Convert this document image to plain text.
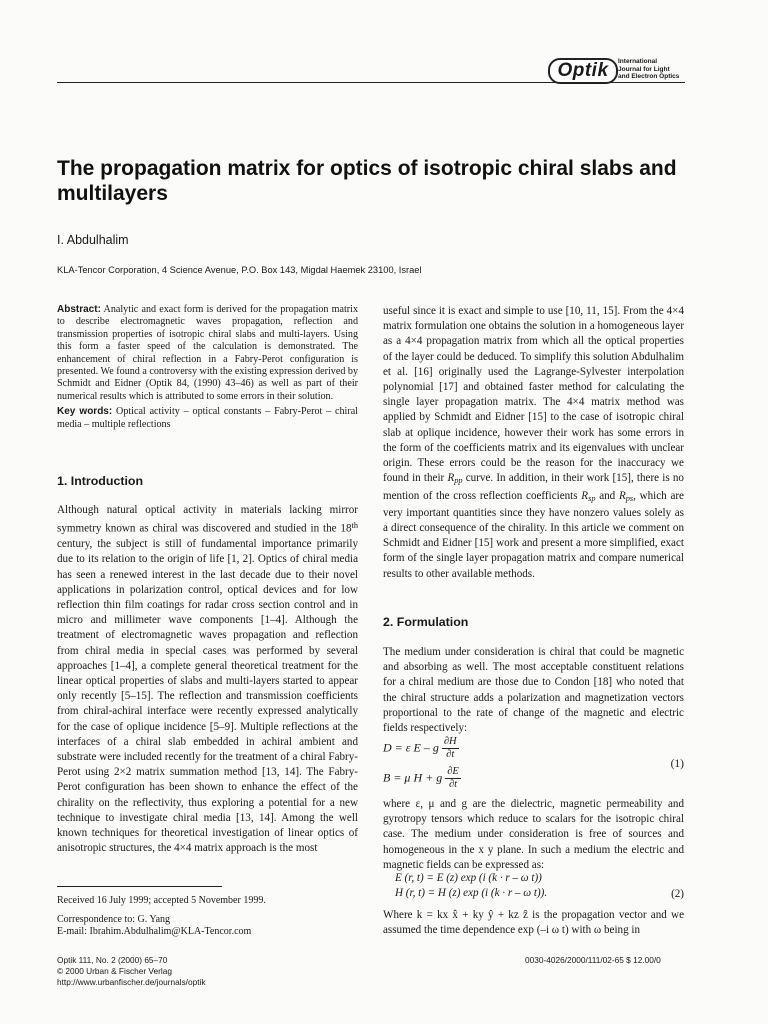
Optik	International
Journal for Light
and Electron Optics
The propagation matrix for optics of isotropic chiral slabs and multilayers
I. Abdulhalim
KLA-Tencor Corporation, 4 Science Avenue, P.O. Box 143, Migdal Haemek 23100, Israel

Abstract: Analytic and exact form is derived for the propagation matrix to describe electromagnetic waves propagation, reflection and transmission properties of isotropic chiral slabs and multi-layers. Using this form a faster speed of the calculation is demonstrated. The enhancement of chiral reflection in a Fabry-Perot configuration is presented. We found a controversy with the existing expression derived by Schmidt and Eidner (Optik 84, (1990) 43–46) as well as part of their numerical results which is attributed to some errors in their solution.

Key words: Optical activity – optical constants – Fabry-Perot – chiral media – multiple reflections

1. Introduction
Although natural optical activity in materials lacking mirror symmetry known as chiral was discovered and studied in the 18th century, the subject is still of fundamental importance primarily due to its relation to the origin of life [1, 2]. Optics of chiral media has seen a renewed interest in the last decade due to their novel applications in polarization control, optical devices and for low reflection thin film coatings for radar cross section control and in micro and millimeter wave components [1–4]. Although the treatment of electromagnetic waves propagation and reflection from chiral media in special cases was performed by several approaches [1–4], a complete general theoretical treatment for the linear optical properties of slabs and multi-layers started to appear only recently [5–15]. The reflection and transmission coefficients from chiral-achiral interface were recently expressed analytically for the case of oplique incidence [5–9]. Multiple reflections at the interfaces of a chiral slab embedded in achiral ambient and substrate were included recently for the treatment of a chiral Fabry-Perot using 2×2 matrix summation method [13, 14]. The Fabry-Perot configuration has been shown to enhance the effect of the chirality on the reflectivity, thus exploring a potential for a new technique to investigate chiral media [13, 14]. Among the well known techniques for theoretical investigation of linear optics of anisotropic structures, the 4×4 matrix approach is the most

Received 16 July 1999; accepted 5 November 1999.

Correspondence to: G. Yang

E-mail: Ibrahim.Abdulhalim@KLA-Tencor.com

useful since it is exact and simple to use [10, 11, 15]. From the 4×4 matrix formulation one obtains the solution in a homogeneous layer as a 4×4 propagation matrix from which all the optical properties of the layer could be deduced. To simplify this solution Abdulhalim et al. [16] originally used the Lagrange-Sylvester interpolation polynomial [17] and obtained faster method for calculating the single layer propagation matrix. The 4×4 matrix method was applied by Schmidt and Eidner [15] to the case of isotropic chiral slab at oplique incidence, however their work has some errors in the form of the coefficients matrix and its eigenvalues with unclear origin. These errors could be the reason for the inaccuracy we found in their $R_{pp}$ curve. In addition, in their work [15], there is no mention of the cross reflection coefficients $R_{sp}$ and $R_{ps}$, which are very important quantities since they have nonzero values solely as a direct consequence of the chirality. In this article we comment on Schmidt and Eidner [15] work and present a more simplified, exact form of the single layer propagation matrix and compare numerical results to other available methods.
2. Formulation
The medium under consideration is chiral that could be magnetic and absorbing as well. The most acceptable constituent relations for a chiral medium are those due to Condon [18] who noted that the chiral structure adds a polarization and magnetization vectors proportional to the rate of change of the magnetic and electric fields respectively:
D = ε E – g $\frac{\partial H}{\partial t}$
B = μ H + g $\frac{\partial E}{\partial t}$
(1)
where ε, μ and g are the dielectric, magnetic permeability and gyrotropy tensors which reduce to scalars for the isotropic chiral case. The medium under consideration is free of sources and homogeneous in the x y plane. In such a medium the electric and magnetic fields can be expressed as:
E (r, t) = E (z) exp (i (k · r – ω t))
H (r, t) = H (z) exp (i (k · r – ω t)).	(2)
Where k = kx x̂ + ky ŷ + kz ẑ is the propagation vector and we assumed the time dependence exp (–i ω t) with ω being in
Optik 111, No. 2 (2000) 65–70
© 2000 Urban & Fischer Verlag
http://www.urbanfischer.de/journals/optik
0030-4026/2000/111/02-65 $ 12.00/0
